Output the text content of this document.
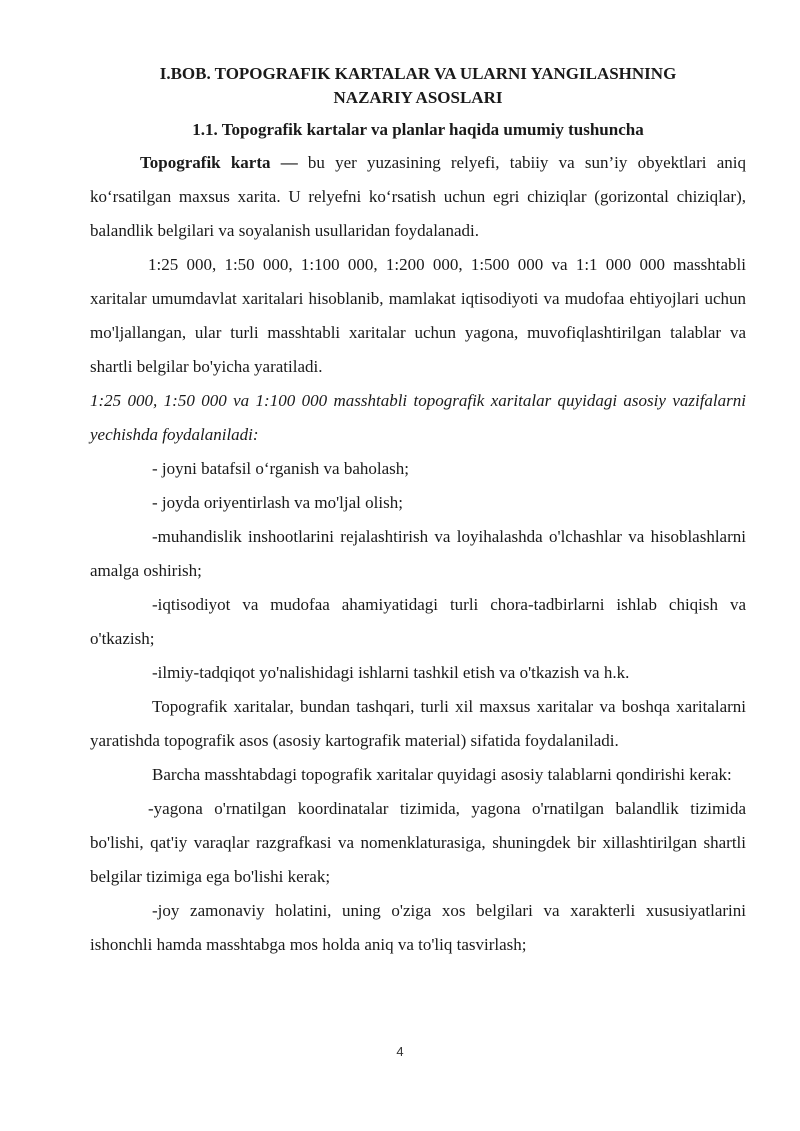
I.BOB. TOPOGRAFIK KARTALAR VA ULARNI YANGILASHNING
NAZARIY ASOSLARI
1.1. Topografik kartalar va planlar haqida umumiy tushuncha

Topografik karta — bu yer yuzasining relyefi, tabiiy va sun’iy obyektlari aniq ko‘rsatilgan maxsus xarita. U relyefni ko‘rsatish uchun egri chiziqlar (gorizontal chiziqlar), balandlik belgilari va soyalanish usullaridan foydalanadi.

1:25 000, 1:50 000, 1:100 000, 1:200 000, 1:500 000 va 1:1 000 000 masshtabli xaritalar umumdavlat xaritalari hisoblanib, mamlakat iqtisodiyoti va mudofaa ehtiyojlari uchun mo'ljallangan, ular turli masshtabli xaritalar uchun yagona, muvofiqlashtirilgan talablar va shartli belgilar bo'yicha yaratiladi.

1:25 000, 1:50 000 va 1:100 000 masshtabli topografik xaritalar quyidagi asosiy vazifalarni yechishda foydalaniladi:

- joyni batafsil o‘rganish va baholash;

- joyda oriyentirlash va mo'ljal olish;

-muhandislik inshootlarini rejalashtirish va loyihalashda o'lchashlar va hisoblashlarni amalga oshirish;

-iqtisodiyot va mudofaa ahamiyatidagi turli chora-tadbirlarni ishlab chiqish va o'tkazish;

-ilmiy-tadqiqot yo'nalishidagi ishlarni tashkil etish va o'tkazish va h.k.

Topografik xaritalar, bundan tashqari, turli xil maxsus xaritalar va boshqa xaritalarni yaratishda topografik asos (asosiy kartografik material) sifatida foydalaniladi.

Barcha masshtabdagi topografik xaritalar quyidagi asosiy talablarni qondirishi kerak:

-yagona o'rnatilgan koordinatalar tizimida, yagona o'rnatilgan balandlik tizimida bo'lishi, qat'iy varaqlar razgrafkasi va nomenklaturasiga, shuningdek bir xillashtirilgan shartli belgilar tizimiga ega bo'lishi kerak;

-joy zamonaviy holatini, uning o'ziga xos belgilari va xarakterli xususiyatlarini ishonchli hamda masshtabga mos holda aniq va to'liq tasvirlash;

4
